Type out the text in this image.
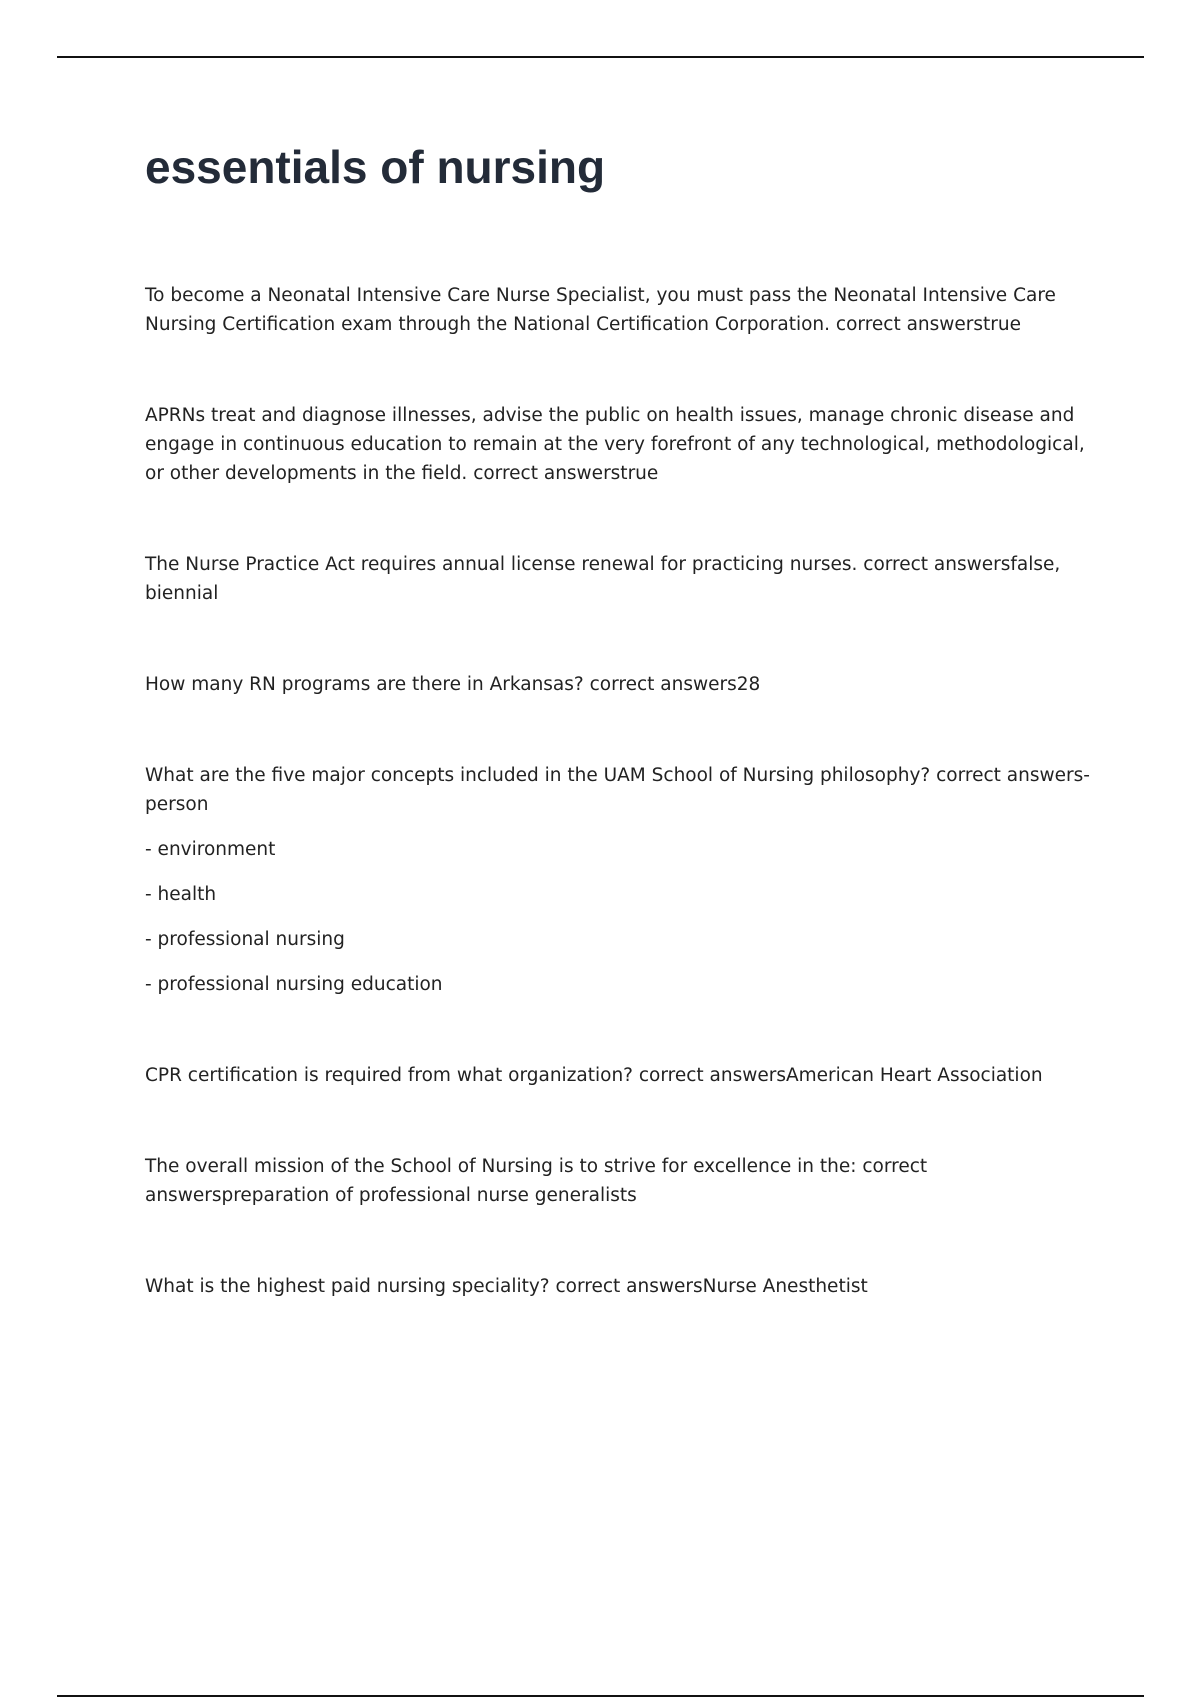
essentials of nursing

To become a Neonatal Intensive Care Nurse Specialist, you must pass the Neonatal Intensive Care Nursing Certification exam through the National Certification Corporation. correct answerstrue

APRNs treat and diagnose illnesses, advise the public on health issues, manage chronic disease and engage in continuous education to remain at the very forefront of any technological, methodological, or other developments in the field. correct answerstrue

The Nurse Practice Act requires annual license renewal for practicing nurses. correct answersfalse, biennial

How many RN programs are there in Arkansas? correct answers28

What are the five major concepts included in the UAM School of Nursing philosophy? correct answers-person

- environment

- health

- professional nursing

- professional nursing education

CPR certification is required from what organization? correct answersAmerican Heart Association

The overall mission of the School of Nursing is to strive for excellence in the: correct answerspreparation of professional nurse generalists

What is the highest paid nursing speciality? correct answersNurse Anesthetist
